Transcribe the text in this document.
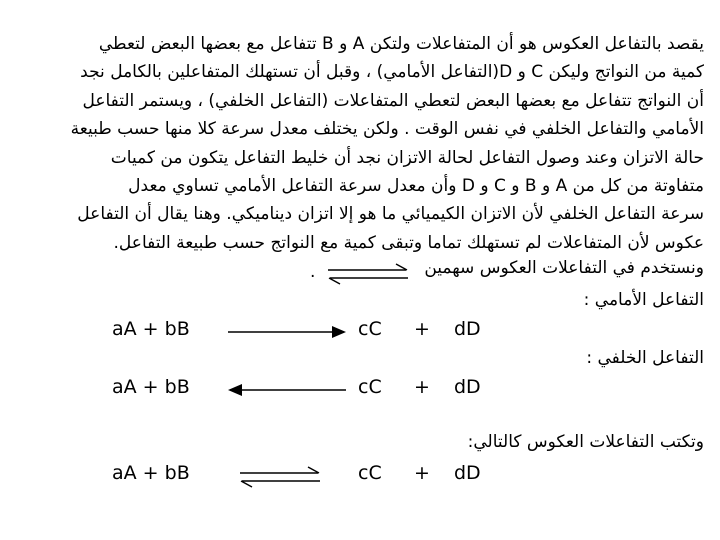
يقصد بالتفاعل العكوس هو أن المتفاعلات ولتكن A و B تتفاعل مع بعضها البعض لتعطي
كمية من النواتج وليكن C و D(التفاعل الأمامي) ، وقبل أن تستهلك المتفاعلين بالكامل نجد
أن النواتج تتفاعل مع بعضها البعض لتعطي المتفاعلات (التفاعل الخلفي) ، ويستمر التفاعل
الأمامي والتفاعل الخلفي في نفس الوقت . ولكن يختلف معدل سرعة كلا منها حسب طبيعة
حالة الاتزان وعند وصول التفاعل لحالة الاتزان نجد أن خليط التفاعل يتكون من كميات
متفاوتة من كل من A و B و C و D وأن معدل سرعة التفاعل الأمامي تساوي معدل
سرعة التفاعل الخلفي لأن الاتزان الكيميائي ما هو إلا اتزان ديناميكي. وهنا يقال أن التفاعل
عكوس لأن المتفاعلات لم تستهلك تماما وتبقى كمية مع النواتج حسب طبيعة التفاعل.
ونستخدم في التفاعلات العكوس سهمين
.
التفاعل الأمامي :
aA + bB	cC + dD
التفاعل الخلفي :
aA + bB	cC + dD
وتكتب التفاعلات العكوس كالتالي:
aA + bB	cC + dD
